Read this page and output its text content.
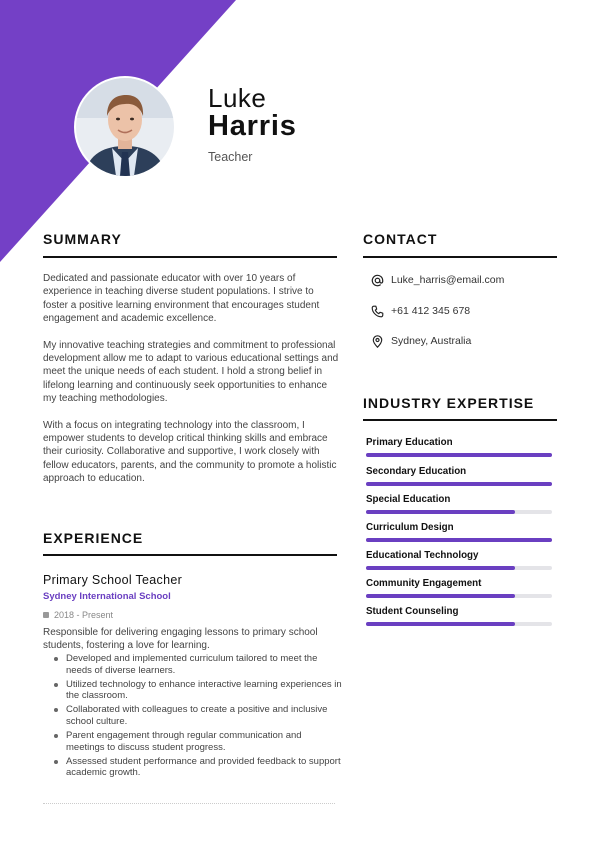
Luke
Harris
Teacher
SUMMARY

Dedicated and passionate educator with over 10 years of experience in teaching diverse student populations. I strive to foster a positive learning environment that encourages student engagement and academic excellence.

My innovative teaching strategies and commitment to professional development allow me to adapt to various educational settings and meet the unique needs of each student. I hold a strong belief in lifelong learning and continuously seek opportunities to enhance my teaching methodologies.

With a focus on integrating technology into the classroom, I empower students to develop critical thinking skills and embrace their curiosity. Collaborative and supportive, I work closely with fellow educators, parents, and the community to promote a holistic approach to education.

CONTACT
Luke_harris@email.com
+61 412 345 678
Sydney, Australia
INDUSTRY EXPERTISE
Primary Education
Secondary Education
Special Education
Curriculum Design
Educational Technology
Community Engagement
Student Counseling
EXPERIENCE
Primary School Teacher
Sydney International School
2018 - Present
Responsible for delivering engaging lessons to primary school students, fostering a love for learning.
Developed and implemented curriculum tailored to meet the needs of diverse learners.
Utilized technology to enhance interactive learning experiences in the classroom.
Collaborated with colleagues to create a positive and inclusive school culture.
Parent engagement through regular communication and meetings to discuss student progress.
Assessed student performance and provided feedback to support academic growth.
